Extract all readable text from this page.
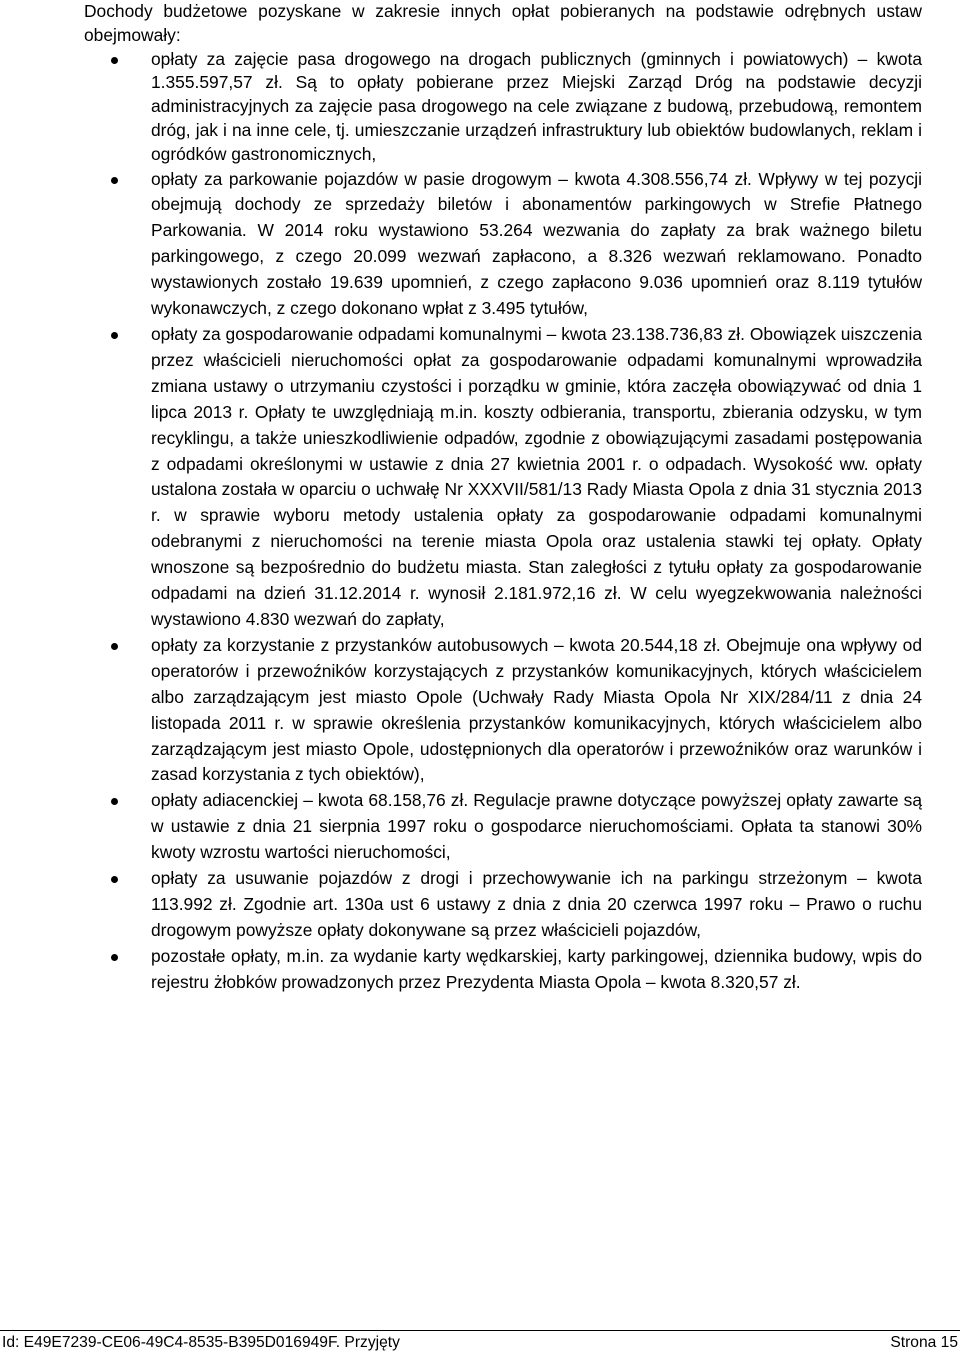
Dochody budżetowe pozyskane w zakresie innych opłat pobieranych na podstawie odrębnych ustaw obejmowały:

opłaty za zajęcie pasa drogowego na drogach publicznych (gminnych i powiatowych) – kwota 1.355.597,57 zł. Są to opłaty pobierane przez Miejski Zarząd Dróg na podstawie decyzji administracyjnych za zajęcie pasa drogowego na cele związane z budową, przebudową, remontem dróg, jak i na inne cele, tj. umieszczanie urządzeń infrastruktury lub obiektów budowlanych, reklam i ogródków gastronomicznych,
opłaty za parkowanie pojazdów w pasie drogowym – kwota 4.308.556,74 zł. Wpływy w tej pozycji obejmują dochody ze sprzedaży biletów i abonamentów parkingowych w Strefie Płatnego Parkowania. W 2014 roku wystawiono 53.264 wezwania do zapłaty za brak ważnego biletu parkingowego, z czego 20.099 wezwań zapłacono, a 8.326 wezwań reklamowano. Ponadto wystawionych zostało 19.639 upomnień, z czego zapłacono 9.036 upomnień oraz 8.119 tytułów wykonawczych, z czego dokonano wpłat z 3.495 tytułów,
opłaty za gospodarowanie odpadami komunalnymi – kwota 23.138.736,83 zł. Obowiązek uiszczenia przez właścicieli nieruchomości opłat za gospodarowanie odpadami komunalnymi wprowadziła zmiana ustawy o utrzymaniu czystości i porządku w gminie, która zaczęła obowiązywać od dnia 1 lipca 2013 r. Opłaty te uwzględniają m.in. koszty odbierania, transportu, zbierania odzysku, w tym recyklingu, a także unieszkodliwienie odpadów, zgodnie z obowiązującymi zasadami postępowania z odpadami określonymi w ustawie z dnia 27 kwietnia 2001 r. o odpadach. Wysokość ww. opłaty ustalona została w oparciu o uchwałę Nr XXXVII/581/13 Rady Miasta Opola z dnia 31 stycznia 2013 r. w sprawie wyboru metody ustalenia opłaty za gospodarowanie odpadami komunalnymi odebranymi z nieruchomości na terenie miasta Opola oraz ustalenia stawki tej opłaty. Opłaty wnoszone są bezpośrednio do budżetu miasta. Stan zaległości z tytułu opłaty za gospodarowanie odpadami na dzień 31.12.2014 r. wynosił 2.181.972,16 zł. W celu wyegzekwowania należności wystawiono 4.830 wezwań do zapłaty,
opłaty za korzystanie z przystanków autobusowych – kwota 20.544,18 zł. Obejmuje ona wpływy od operatorów i przewoźników korzystających z przystanków komunikacyjnych, których właścicielem albo zarządzającym jest miasto Opole (Uchwały Rady Miasta Opola Nr XIX/284/11 z dnia 24 listopada 2011 r. w sprawie określenia przystanków komunikacyjnych, których właścicielem albo zarządzającym jest miasto Opole, udostępnionych dla operatorów i przewoźników oraz warunków i zasad korzystania z tych obiektów),
opłaty adiacenckiej – kwota 68.158,76 zł. Regulacje prawne dotyczące powyższej opłaty zawarte są w ustawie z dnia 21 sierpnia 1997 roku o gospodarce nieruchomościami. Opłata ta stanowi 30% kwoty wzrostu wartości nieruchomości,
opłaty za usuwanie pojazdów z drogi i przechowywanie ich na parkingu strzeżonym – kwota 113.992 zł. Zgodnie art. 130a ust 6 ustawy z dnia z dnia 20 czerwca 1997 roku – Prawo o ruchu drogowym powyższe opłaty dokonywane są przez właścicieli pojazdów,
pozostałe opłaty, m.in. za wydanie karty wędkarskiej, karty parkingowej, dziennika budowy, wpis do rejestru żłobków prowadzonych przez Prezydenta Miasta Opola – kwota 8.320,57 zł.
Id: E49E7239-CE06-49C4-8535-B395D016949F. Przyjęty	Strona 15
